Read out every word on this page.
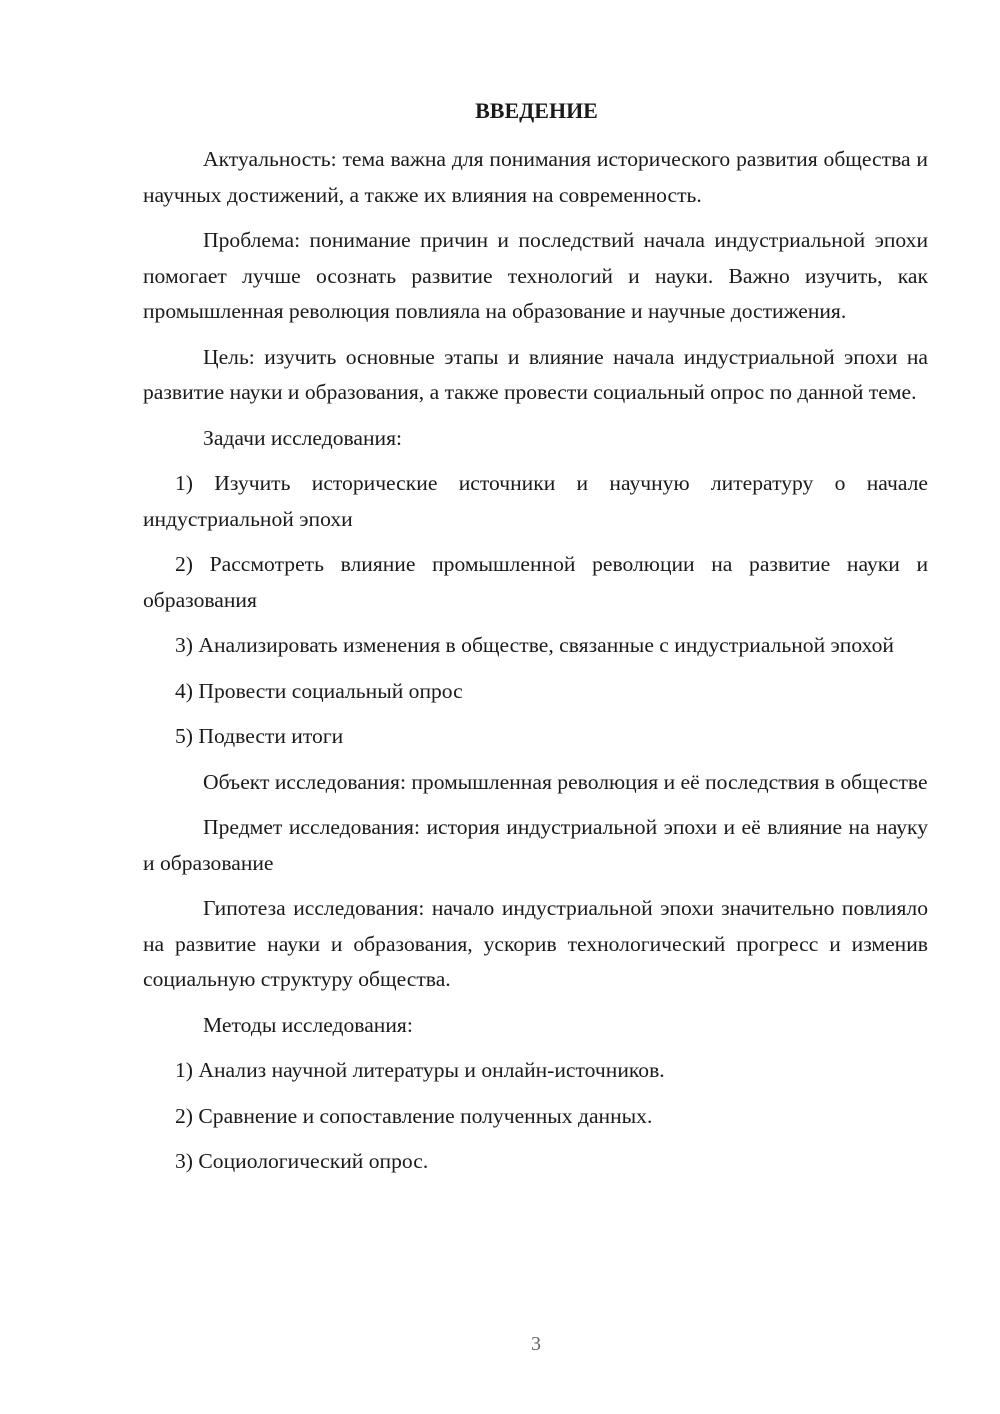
ВВЕДЕНИЕ

Актуальность: тема важна для понимания исторического развития общества и научных достижений, а также их влияния на современность.

Проблема: понимание причин и последствий начала индустриальной эпохи помогает лучше осознать развитие технологий и науки. Важно изучить, как промышленная революция повлияла на образование и научные достижения.

Цель: изучить основные этапы и влияние начала индустриальной эпохи на развитие науки и образования, а также провести социальный опрос по данной теме.

Задачи исследования:

1) Изучить исторические источники и научную литературу о начале индустриальной эпохи

2) Рассмотреть влияние промышленной революции на развитие науки и образования

3) Анализировать изменения в обществе, связанные с индустриальной эпохой

4) Провести социальный опрос

5) Подвести итоги

Объект исследования: промышленная революция и её последствия в обществе

Предмет исследования: история индустриальной эпохи и её влияние на науку и образование

Гипотеза исследования: начало индустриальной эпохи значительно повлияло на развитие науки и образования, ускорив технологический прогресс и изменив социальную структуру общества.

Методы исследования:

1) Анализ научной литературы и онлайн-источников.

2) Сравнение и сопоставление полученных данных.

3) Социологический опрос.

3
